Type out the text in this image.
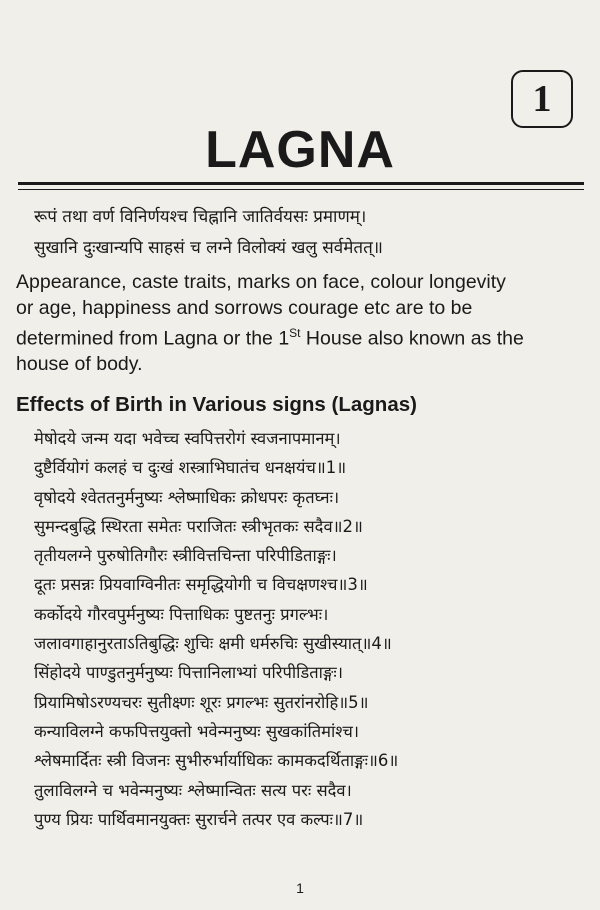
1
LAGNA
रूपं तथा वर्ण विनिर्णयश्च चिह्नानि जातिर्वयसः प्रमाणम्।
सुखानि दुःखान्यपि साहसं च लग्ने विलोक्यं खलु सर्वमेतत्॥
Appearance, caste traits, marks on face, colour longevity
or age, happiness and sorrows courage etc are to be
determined from Lagna or the 1St House also known as the
house of body.
Effects of Birth in Various signs (Lagnas)
मेषोदये जन्म यदा भवेच्च स्वपित्तरोगं स्वजनापमानम्।
दुष्टैर्वियोगं कलहं च दुःखं शस्त्राभिघातंच धनक्षयंच॥1॥
वृषोदये श्वेततनुर्मनुष्यः श्लेष्माधिकः क्रोधपरः कृतघ्नः।
सुमन्दबुद्धि स्थिरता समेतः पराजितः स्त्रीभृतकः सदैव॥2॥
तृतीयलग्ने पुरुषोतिगौरः स्त्रीवित्तचिन्ता परिपीडिताङ्गः।
दूतः प्रसन्नः प्रियवाग्विनीतः समृद्धियोगी च विचक्षणश्च॥3॥
कर्कोदये गौरवपुर्मनुष्यः पित्ताधिकः पुष्टतनुः प्रगल्भः।
जलावगाहानुरताऽतिबुद्धिः शुचिः क्षमी धर्मरुचिः सुखीस्यात्॥4॥
सिंहोदये पाण्डुतनुर्मनुष्यः पित्तानिलाभ्यां परिपीडिताङ्गः।
प्रियामिषोऽरण्यचरः सुतीक्ष्णः शूरः प्रगल्भः सुतरांनरोहि॥5॥
कन्याविलग्ने कफपित्तयुक्तो भवेन्मनुष्यः सुखकांतिमांश्च।
श्लेषमार्दितः स्त्री विजनः सुभीरुर्भार्याधिकः कामकदर्थिताङ्गः॥6॥
तुलाविलग्ने च भवेन्मनुष्यः श्लेष्मान्वितः सत्य परः सदैव।
पुण्य प्रियः पार्थिवमानयुक्तः सुरार्चने तत्पर एव कल्पः॥7॥
1
